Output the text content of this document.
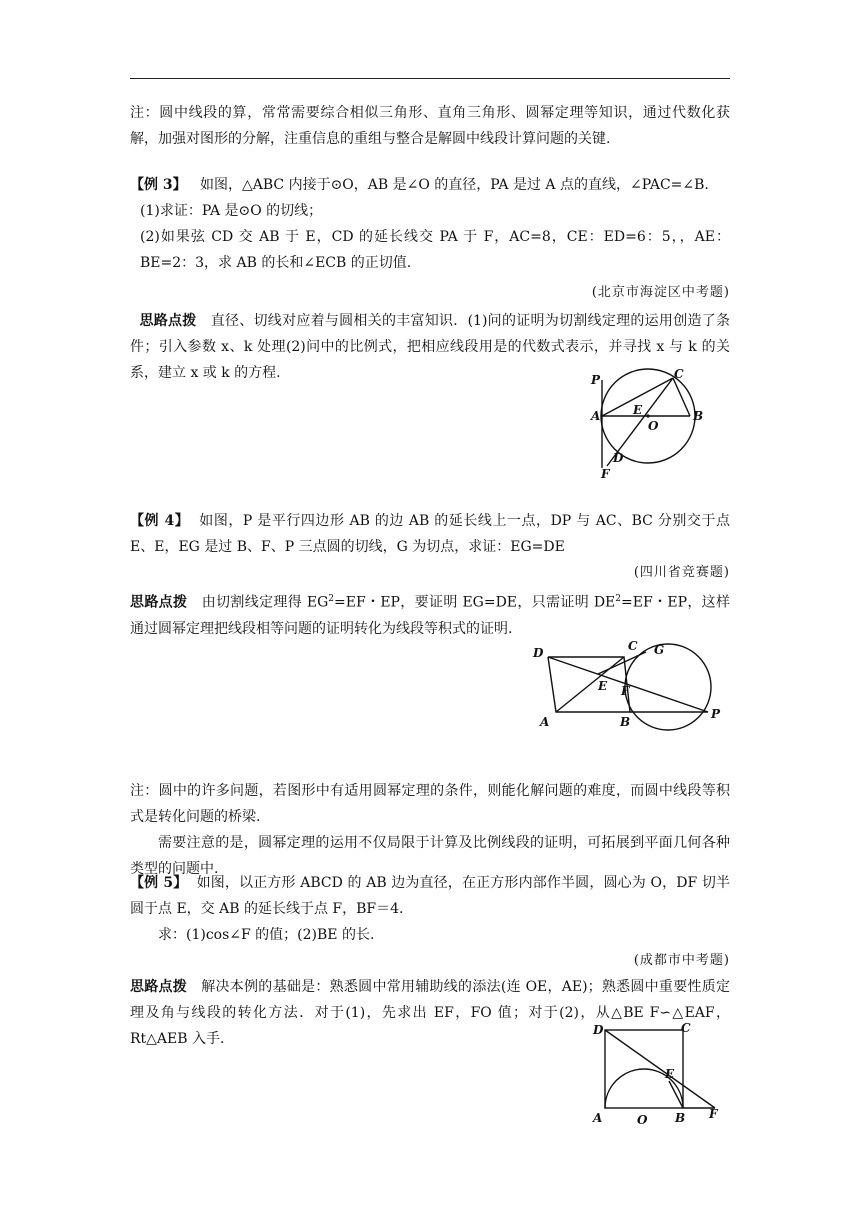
注：圆中线段的算，常常需要综合相似三角形、直角三角形、圆幂定理等知识，通过代数化获解，加强对图形的分解，注重信息的重组与整合是解圆中线段计算问题的关键.

【例 3】 如图，△ABC 内接于⊙O，AB 是∠O 的直径，PA 是过 A 点的直线，∠PAC=∠B.

(1)求证：PA 是⊙O 的切线；

(2)如果弦 CD 交 AB 于 E，CD 的延长线交 PA 于 F，AC=8，CE：ED=6：5，，AE：BE=2：3，求 AB 的长和∠ECB 的正切值.

(北京市海淀区中考题)

思路点拨 直径、切线对应着与圆相关的丰富知识．(1)问的证明为切割线定理的运用创造了条件；引入参数 x、k 处理(2)问中的比例式，把相应线段用是的代数式表示，并寻找 x 与 k 的关系，建立 x 或 k 的方程.	P	C
A	E
O
B
D
F

【例 4】 如图，P 是平行四边形 AB 的边 AB 的延长线上一点，DP 与 AC、BC 分别交于点 E、E，EG 是过 B、F、P 三点圆的切线，G 为切点，求证：EG=DE

(四川省竞赛题)

思路点拨 由切割线定理得 $EG^2=EF$・EP，要证明 EG=DE，只需证明 $DE^2=EF$・EP，这样通过圆幂定理把线段相等问题的证明转化为线段等积式的证明.

D	C G
E F
A	B
P

注：圆中的许多问题，若图形中有适用圆幂定理的条件，则能化解问题的难度，而圆中线段等积式是转化问题的桥梁.

需要注意的是，圆幂定理的运用不仅局限于计算及比例线段的证明，可拓展到平面几何各种类型的问题中.

【例 5】 如图，以正方形 ABCD 的 AB 边为直径，在正方形内部作半圆，圆心为 O，DF 切半圆于点 E，交 AB 的延长线于点 F，BF＝4.

求：(1)cos∠F 的值；(2)BE 的长.

(成都市中考题)

思路点拨 解决本例的基础是：熟悉圆中常用辅助线的添法(连 OE，AE)；熟悉圆中重要性质定理及角与线段的转化方法．对于(1)，先求出 EF，FO 值；对于(2)，从△BE F∽△EAF，Rt△AEB 入手.

D	C
E
A	O B F
